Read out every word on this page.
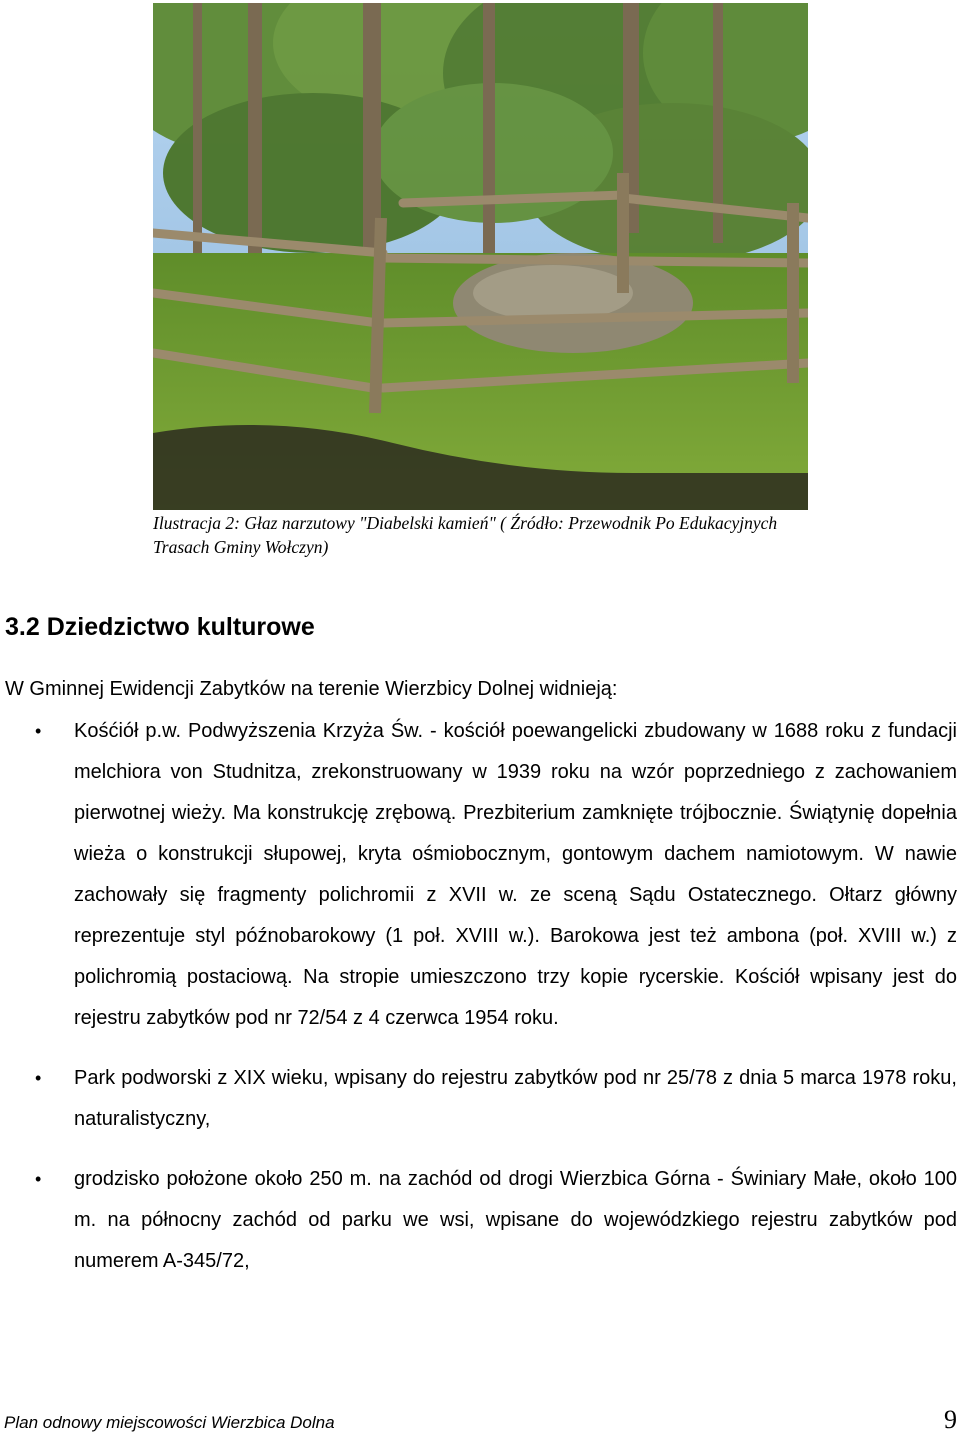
Ilustracja 2: Głaz narzutowy "Diabelski kamień" ( Źródło: Przewodnik Po Edukacyjnych Trasach Gminy Wołczyn)
3.2 Dziedzictwo kulturowe

W Gminnej Ewidencji Zabytków na terenie Wierzbicy Dolnej widnieją:

• Kośćiół p.w. Podwyższenia Krzyża Św. - kościół poewangelicki zbudowany w 1688 roku z fundacji melchiora von Studnitza, zrekonstruowany w 1939 roku na wzór poprzedniego z zachowaniem pierwotnej wieży. Ma konstrukcję zrębową. Prezbiterium zamknięte trójbocznie. Świątynię dopełnia wieża o konstrukcji słupowej, kryta ośmiobocznym, gontowym dachem namiotowym. W nawie zachowały się fragmenty polichromii z XVII w. ze sceną Sądu Ostatecznego. Ołtarz główny reprezentuje styl późnobarokowy (1 poł. XVIII w.). Barokowa jest też ambona (poł. XVIII w.) z polichromią postaciową. Na stropie umieszczono trzy kopie rycerskie. Kościół wpisany jest do rejestru zabytków pod nr 72/54 z 4 czerwca 1954 roku.
• Park podworski z XIX wieku, wpisany do rejestru zabytków pod nr 25/78 z dnia 5 marca 1978 roku, naturalistyczny,
• grodzisko położone około 250 m. na zachód od drogi Wierzbica Górna - Świniary Małe, około 100 m. na północny zachód od parku we wsi, wpisane do wojewódzkiego rejestru zabytków pod numerem A-345/72,
Plan odnowy miejscowości Wierzbica Dolna	9
